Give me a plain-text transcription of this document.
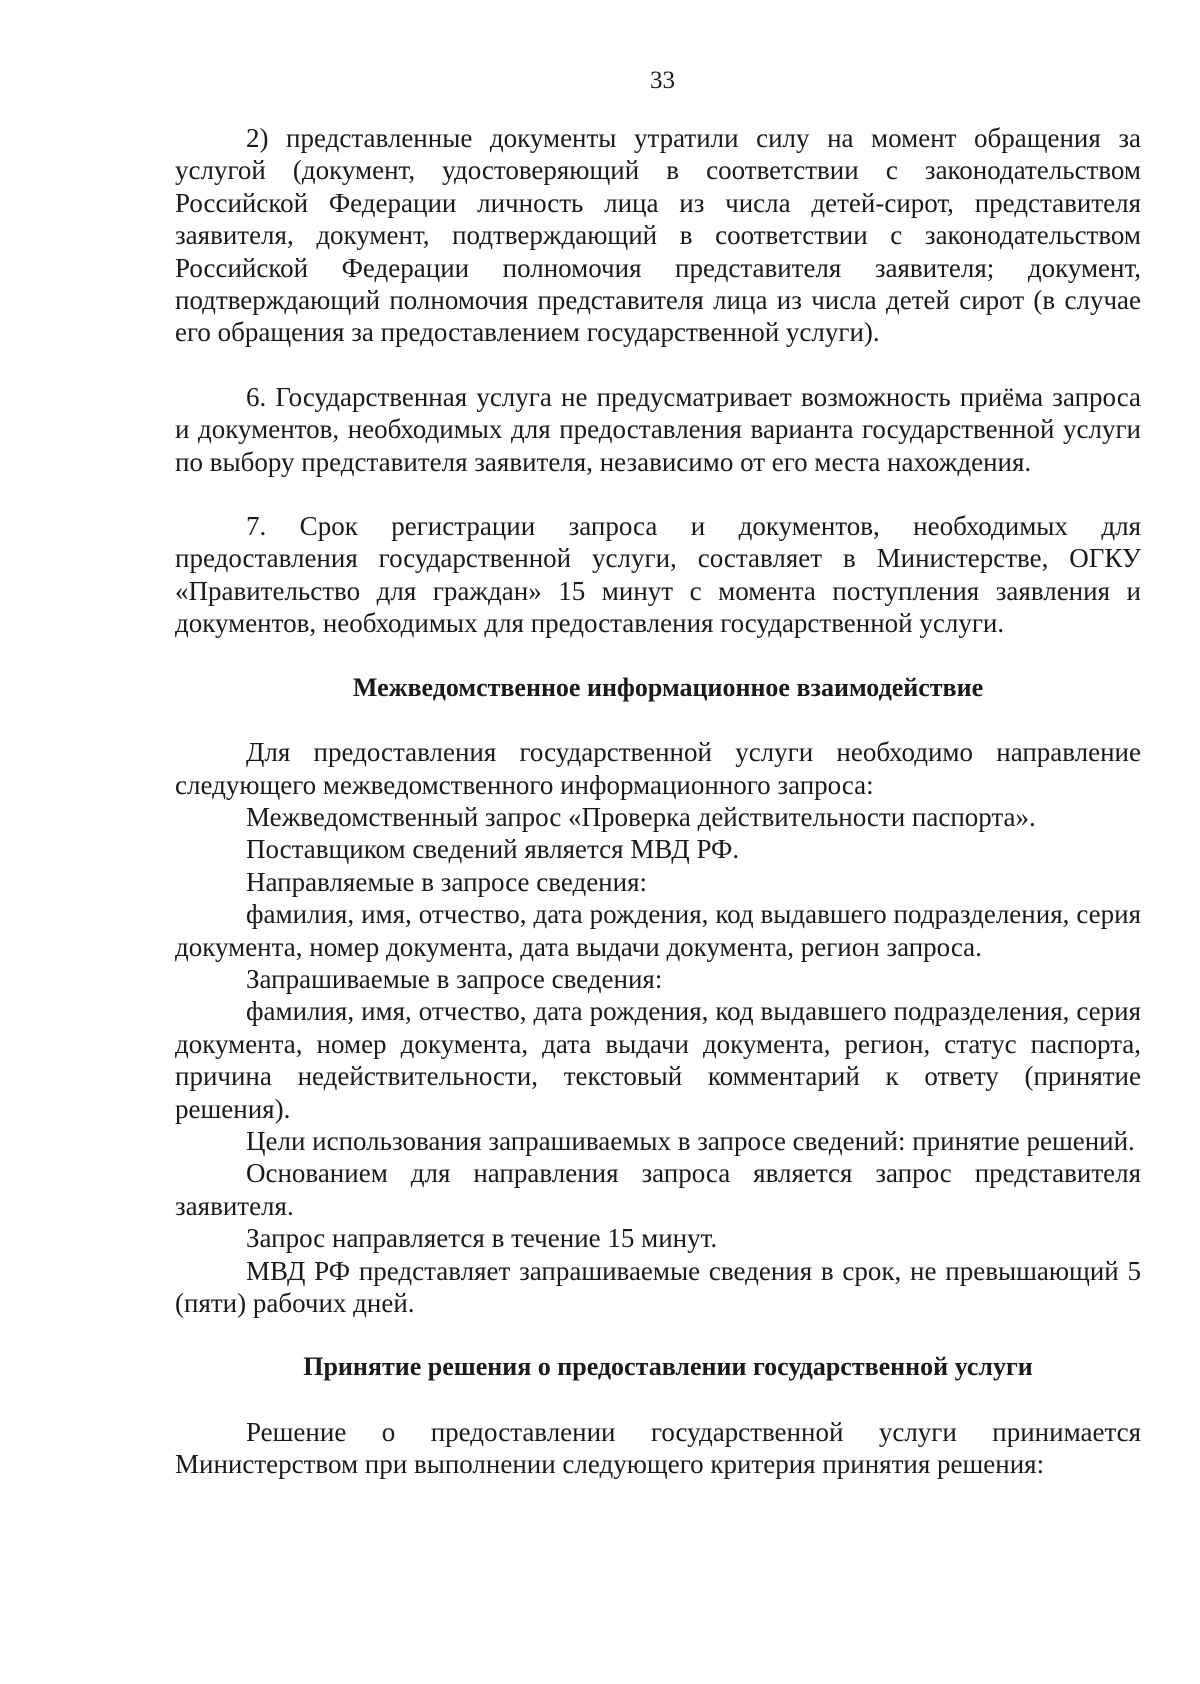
33

2) представленные документы утратили силу на момент обращения за услугой (документ, удостоверяющий в соответствии с законодательством Российской Федерации личность лица из числа детей-сирот, представителя заявителя, документ, подтверждающий в соответствии с законодательством Российской Федерации полномочия представителя заявителя; документ, подтверждающий полномочия представителя лица из числа детей сирот (в случае его обращения за предоставлением государственной услуги).

6. Государственная услуга не предусматривает возможность приёма запроса и документов, необходимых для предоставления варианта государственной услуги по выбору представителя заявителя, независимо от его места нахождения.

7. Срок регистрации запроса и документов, необходимых для предоставления государственной услуги, составляет в Министерстве, ОГКУ «Правительство для граждан» 15 минут с момента поступления заявления и документов, необходимых для предоставления государственной услуги.

Межведомственное информационное взаимодействие

Для предоставления государственной услуги необходимо направление следующего межведомственного информационного запроса:

Межведомственный запрос «Проверка действительности паспорта».

Поставщиком сведений является МВД РФ.

Направляемые в запросе сведения:

фамилия, имя, отчество, дата рождения, код выдавшего подразделения, серия документа, номер документа, дата выдачи документа, регион запроса.

Запрашиваемые в запросе сведения:

фамилия, имя, отчество, дата рождения, код выдавшего подразделения, серия документа, номер документа, дата выдачи документа, регион, статус паспорта, причина недействительности, текстовый комментарий к ответу (принятие решения).

Цели использования запрашиваемых в запросе сведений: принятие решений.

Основанием для направления запроса является запрос представителя заявителя.

Запрос направляется в течение 15 минут.

МВД РФ представляет запрашиваемые сведения в срок, не превышающий 5 (пяти) рабочих дней.

Принятие решения о предоставлении государственной услуги

Решение о предоставлении государственной услуги принимается Министерством при выполнении следующего критерия принятия решения:
